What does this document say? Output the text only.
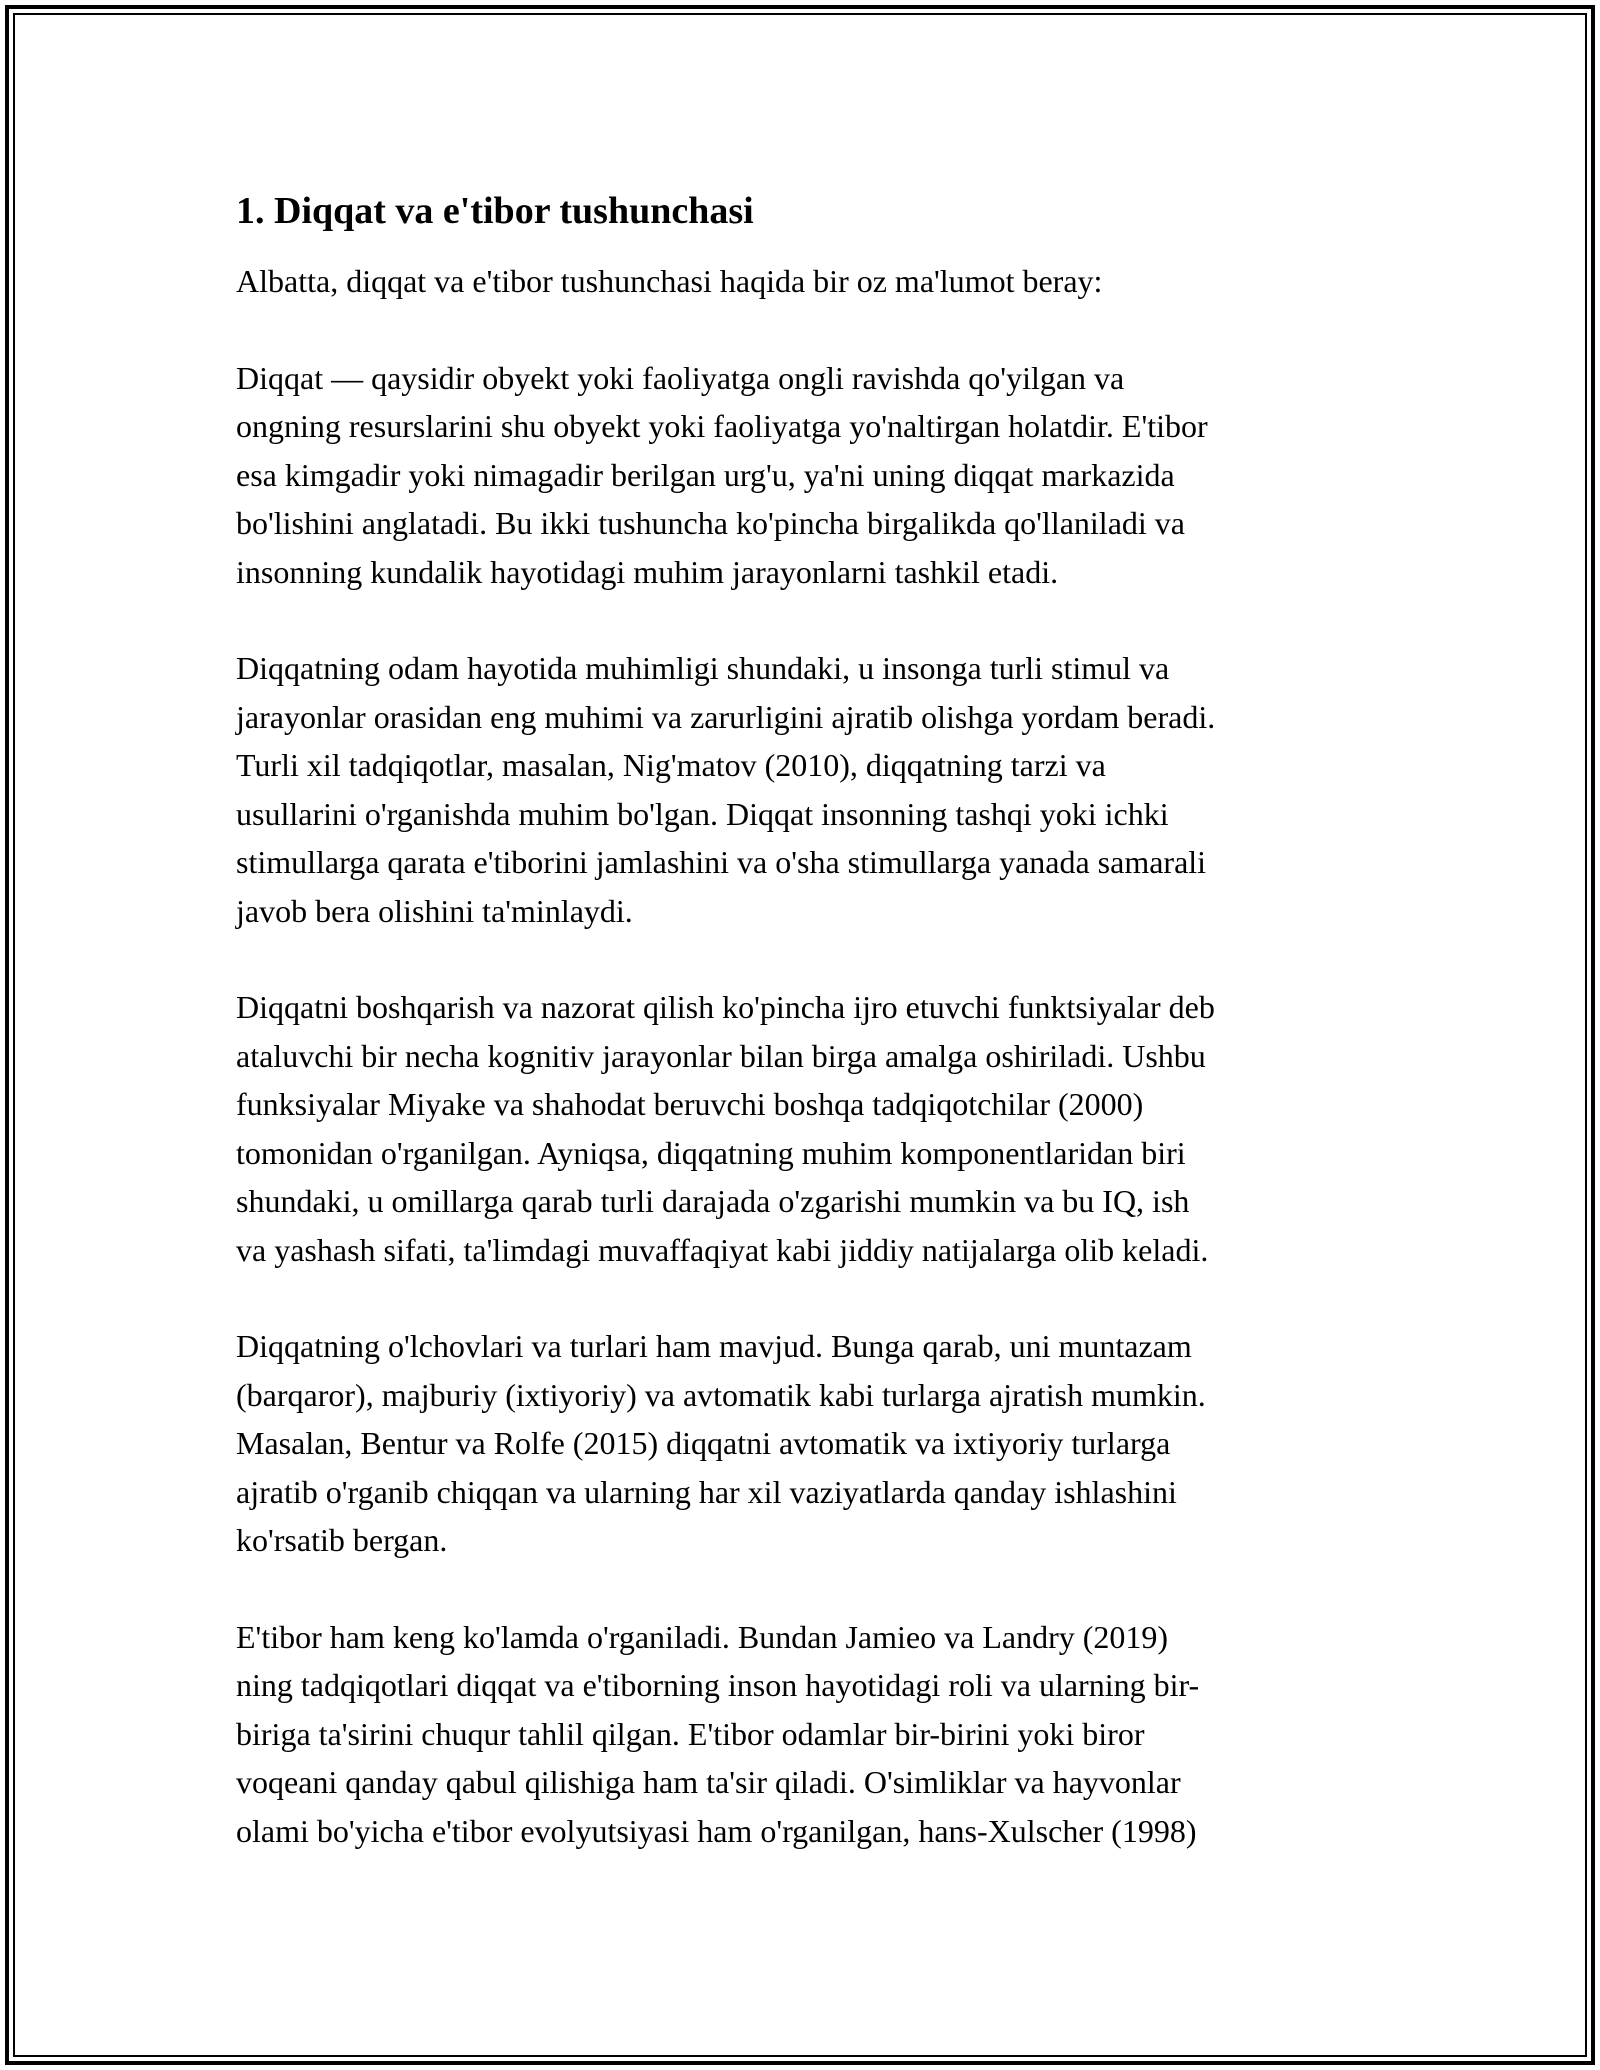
1. Diqqat va e'tibor tushunchasi
Albatta, diqqat va e'tibor tushunchasi haqida bir oz ma'lumot beray:
Diqqat — qaysidir obyekt yoki faoliyatga ongli ravishda qo'yilgan va
ongning resurslarini shu obyekt yoki faoliyatga yo'naltirgan holatdir. E'tibor
esa kimgadir yoki nimagadir berilgan urg'u, ya'ni uning diqqat markazida
bo'lishini anglatadi. Bu ikki tushuncha ko'pincha birgalikda qo'llaniladi va
insonning kundalik hayotidagi muhim jarayonlarni tashkil etadi.
Diqqatning odam hayotida muhimligi shundaki, u insonga turli stimul va
jarayonlar orasidan eng muhimi va zarurligini ajratib olishga yordam beradi.
Turli xil tadqiqotlar, masalan, Nig'matov (2010), diqqatning tarzi va
usullarini o'rganishda muhim bo'lgan. Diqqat insonning tashqi yoki ichki
stimullarga qarata e'tiborini jamlashini va o'sha stimullarga yanada samarali
javob bera olishini ta'minlaydi.
Diqqatni boshqarish va nazorat qilish ko'pincha ijro etuvchi funktsiyalar deb
ataluvchi bir necha kognitiv jarayonlar bilan birga amalga oshiriladi. Ushbu
funksiyalar Miyake va shahodat beruvchi boshqa tadqiqotchilar (2000)
tomonidan o'rganilgan. Ayniqsa, diqqatning muhim komponentlaridan biri
shundaki, u omillarga qarab turli darajada o'zgarishi mumkin va bu IQ, ish
va yashash sifati, ta'limdagi muvaffaqiyat kabi jiddiy natijalarga olib keladi.
Diqqatning o'lchovlari va turlari ham mavjud. Bunga qarab, uni muntazam
(barqaror), majburiy (ixtiyoriy) va avtomatik kabi turlarga ajratish mumkin.
Masalan, Bentur va Rolfe (2015) diqqatni avtomatik va ixtiyoriy turlarga
ajratib o'rganib chiqqan va ularning har xil vaziyatlarda qanday ishlashini
ko'rsatib bergan.
E'tibor ham keng ko'lamda o'rganiladi. Bundan Jamieo va Landry (2019)
ning tadqiqotlari diqqat va e'tiborning inson hayotidagi roli va ularning bir-
biriga ta'sirini chuqur tahlil qilgan. E'tibor odamlar bir-birini yoki biror
voqeani qanday qabul qilishiga ham ta'sir qiladi. O'simliklar va hayvonlar
olami bo'yicha e'tibor evolyutsiyasi ham o'rganilgan, hans-Xulscher (1998)
